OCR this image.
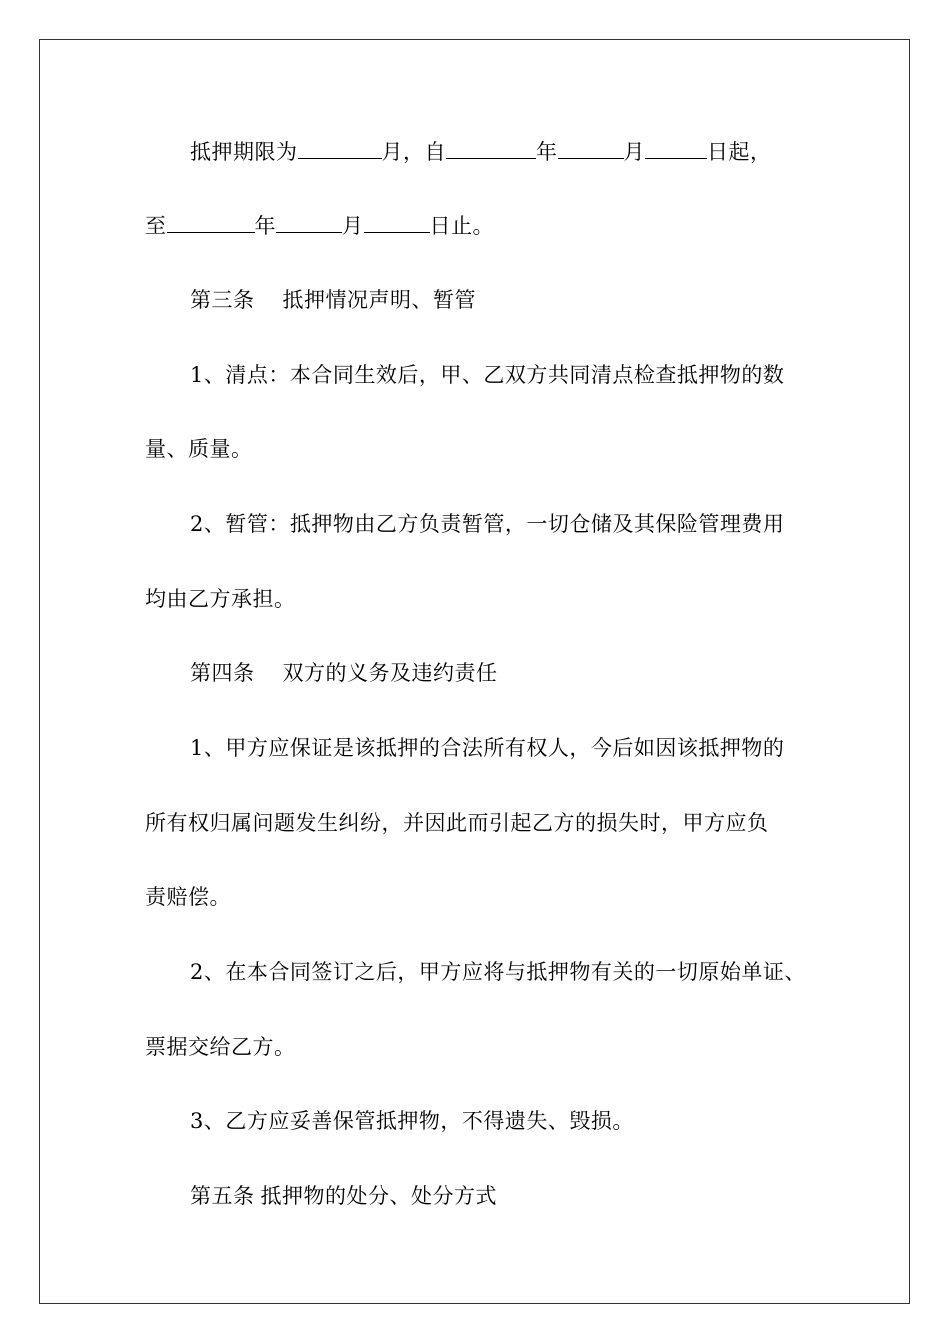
抵押期限为	月，自	年	月	日起，
至	年	月	日止。
第三条 抵押情况声明、暂管
1、清点：本合同生效后，甲、乙双方共同清点检查抵押物的数
量、质量。
2、暂管：抵押物由乙方负责暂管，一切仓储及其保险管理费用
均由乙方承担。
第四条 双方的义务及违约责任
1、甲方应保证是该抵押的合法所有权人，今后如因该抵押物的
所有权归属问题发生纠纷，并因此而引起乙方的损失时，甲方应负
责赔偿。
2、在本合同签订之后，甲方应将与抵押物有关的一切原始单证、
票据交给乙方。
3、乙方应妥善保管抵押物，不得遗失、毁损。
第五条 抵押物的处分、处分方式
